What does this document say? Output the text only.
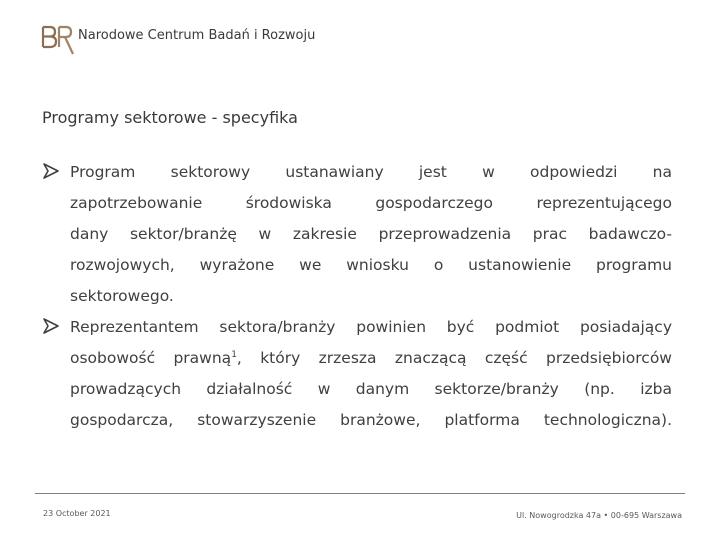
Narodowe Centrum Badań i Rozwoju
Programy sektorowe - specyfika
Program sektorowy ustanawiany jest w odpowiedzi na
zapotrzebowanie środowiska gospodarczego reprezentującego
dany sektor/branżę w zakresie przeprowadzenia prac badawczo-
rozwojowych, wyrażone we wniosku o ustanowienie programu
sektorowego.
Reprezentantem sektora/branży powinien być podmiot posiadający
osobowość prawną$^1$, który zrzesza znaczącą część przedsiębiorców
prowadzących działalność w danym sektorze/branży (np. izba
gospodarcza, stowarzyszenie branżowe, platforma technologiczna).
23 October 2021	Ul. Nowogrodzka 47a • 00-695 Warszawa
